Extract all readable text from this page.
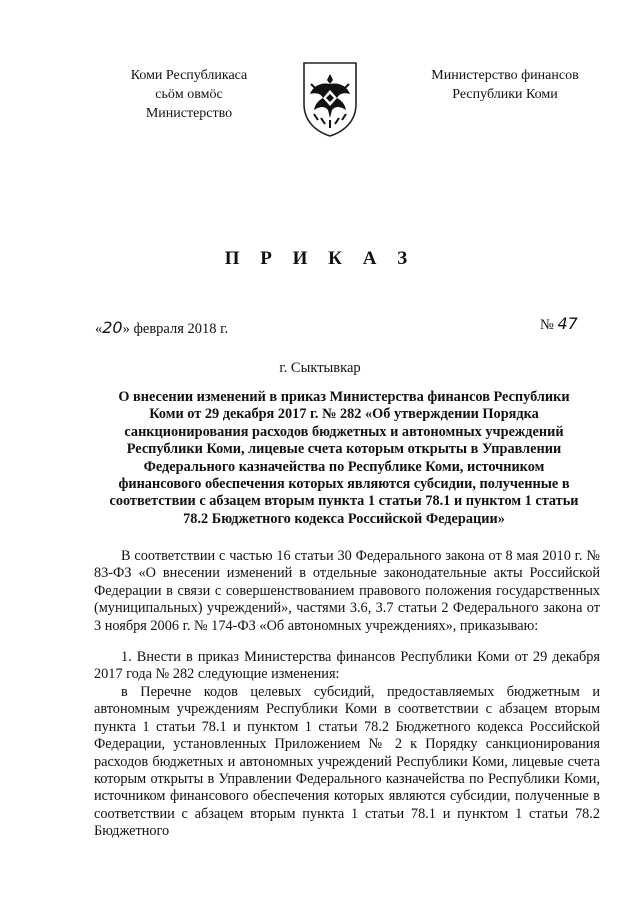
Коми Республикаса
сьӧм овмӧс
Министерство
Министерство финансов
Республики Коми
П Р И К А З
«20» февраля 2018 г.	№ 47
г. Сыктывкар
О внесении изменений в приказ Министерства финансов Республики
Коми от 29 декабря 2017 г. № 282 «Об утверждении Порядка
санкционирования расходов бюджетных и автономных учреждений
Республики Коми, лицевые счета которым открыты в Управлении
Федерального казначейства по Республике Коми, источником
финансового обеспечения которых являются субсидии, полученные в
соответствии с абзацем вторым пункта 1 статьи 78.1 и пунктом 1 статьи
78.2 Бюджетного кодекса Российской Федерации»

В соответствии с частью 16 статьи 30 Федерального закона от 8 мая 2010 г. № 83-ФЗ «О внесении изменений в отдельные законодательные акты Российской Федерации в связи с совершенствованием правового положения государственных (муниципальных) учреждений», частями 3.6, 3.7 статьи 2 Федерального закона от 3 ноября 2006 г. № 174-ФЗ «Об автономных учреждениях», приказываю:

1. Внести в приказ Министерства финансов Республики Коми от 29 декабря 2017 года № 282 следующие изменения:

в Перечне кодов целевых субсидий, предоставляемых бюджетным и автономным учреждениям Республики Коми в соответствии с абзацем вторым пункта 1 статьи 78.1 и пунктом 1 статьи 78.2 Бюджетного кодекса Российской Федерации, установленных Приложением № 2 к Порядку санкционирования расходов бюджетных и автономных учреждений Республики Коми, лицевые счета которым открыты в Управлении Федерального казначейства по Республики Коми, источником финансового обеспечения которых являются субсидии, полученные в соответствии с абзацем вторым пункта 1 статьи 78.1 и пунктом 1 статьи 78.2 Бюджетного
